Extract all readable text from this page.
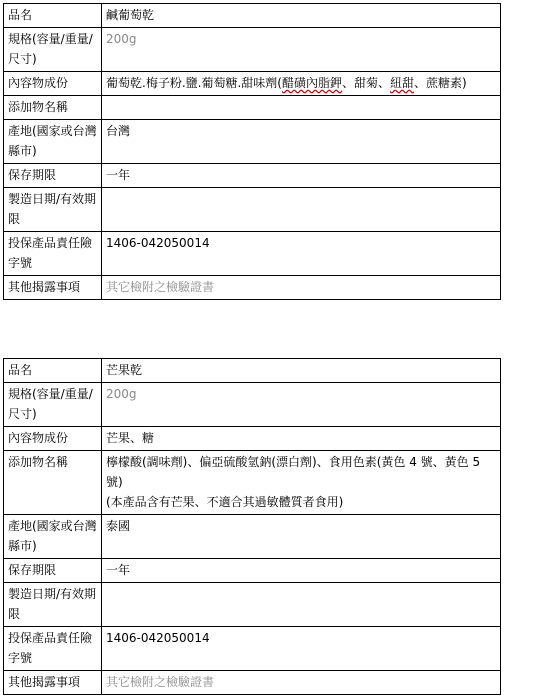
品名	鹹葡萄乾
規格(容量/重量/尺寸)	200g
內容物成份	葡萄乾.梅子粉.鹽.葡萄糖.甜味劑(醋磺內脂鉀、甜菊、紐甜、蔗糖素)
添加物名稱	
產地(國家或台灣縣市)	台灣
保存期限	一年
製造日期/有效期限	
投保產品責任險字號	1406-042050014
其他揭露事項	其它檢附之檢驗證書
品名	芒果乾
規格(容量/重量/尺寸)	200g
內容物成份	芒果、糖
添加物名稱	檸檬酸(調味劑)、偏亞硫酸氫鈉(漂白劑)、食用色素(黃色 4 號、黃色 5 號)
(本產品含有芒果、不適合其過敏體質者食用)

產地(國家或台灣縣市)	泰國
保存期限	一年
製造日期/有效期限	
投保產品責任險字號	1406-042050014
其他揭露事項	其它檢附之檢驗證書
